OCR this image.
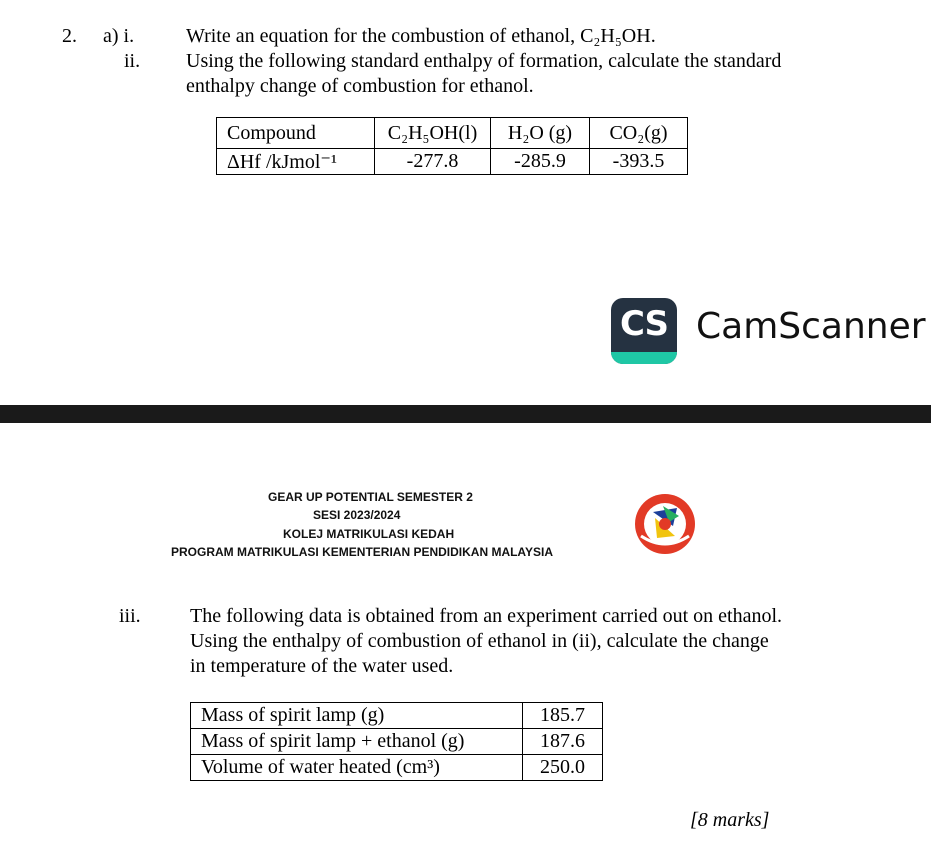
2. a) i.	Write an equation for the combustion of ethanol, C₂H₅OH.
ii. Using the following standard enthalpy of formation, calculate the standard
enthalpy change of combustion for ethanol.
Compound	C₂H₅OH(l)	H₂O (g)	CO₂(g)
ΔHf /kJmol⁻¹	-277.8	-285.9	-393.5
CS CamScanner
GEAR UP POTENTIAL SEMESTER 2
SESI 2023/2024
KOLEJ MATRIKULASI KEDAH
PROGRAM MATRIKULASI KEMENTERIAN PENDIDIKAN MALAYSIA
iii. The following data is obtained from an experiment carried out on ethanol.
Using the enthalpy of combustion of ethanol in (ii), calculate the change
in temperature of the water used.
Mass of spirit lamp (g)	185.7
Mass of spirit lamp + ethanol (g)	187.6
Volume of water heated (cm³)	250.0
[8 marks]
